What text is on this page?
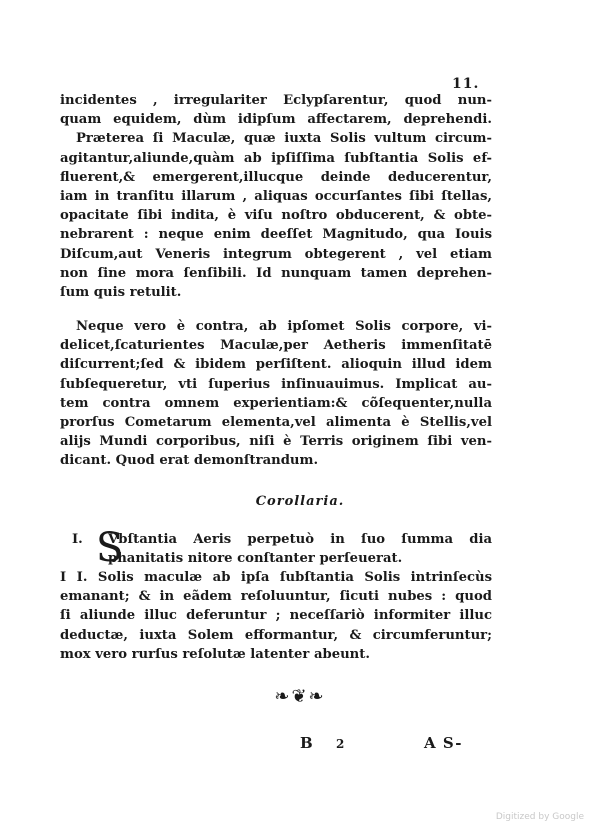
11.
incidentes , irregulariter Eclypſarentur, quod nun-
quam equidem, dùm idipſum affectarem, deprehendi.
Præterea ſi Maculæ, quæ iuxta Solis vultum circum-
agitantur,aliunde,quàm ab ipſiſſima ſubſtantia Solis ef-
fluerent,& emergerent,illucque deinde deducerentur,
iam in tranſitu illarum , aliquas occurſantes ſibi ſtellas,
opacitate ſibi indita, è viſu noſtro obducerent, & obte-
nebrarent : neque enim deeſſet Magnitudo, qua Iouis
Diſcum,aut Veneris integrum obtegerent , vel etiam
non ſine mora ſenſibili. Id nunquam tamen deprehen-
ſum quis retulit.
Neque vero è contra, ab ipſomet Solis corpore, vi-
delicet,ſcaturientes Maculæ,per Aetheris immenſitatē
diſcurrent;ſed & ibidem perſiſtent. alioquin illud idem
ſubſequeretur, vti ſuperius inſinuauimus. Implicat au-
tem contra omnem experientiam:& cõſequenter,nulla
prorſus Cometarum elementa,vel alimenta è Stellis,vel
alijs Mundi corporibus, niſi è Terris originem ſibi ven-
dicant. Quod erat demonſtrandum.
Corollaria.
I. S
Vbſtantia Aeris perpetuò in ſuo ſumma dia
phanitatis nitore conſtanter perſeuerat.
I I. Solis maculæ ab ipſa ſubſtantia Solis intrinſecùs
emanant; & in eãdem reſoluuntur, ſicuti nubes : quod
ſi aliunde illuc deferuntur ; neceſſariò informiter illuc
deductæ, iuxta Solem efformantur, & circumferuntur;
mox vero rurſus reſolutæ latenter abeunt.
❧❦❧
B 2	A S-
Digitized by Google
